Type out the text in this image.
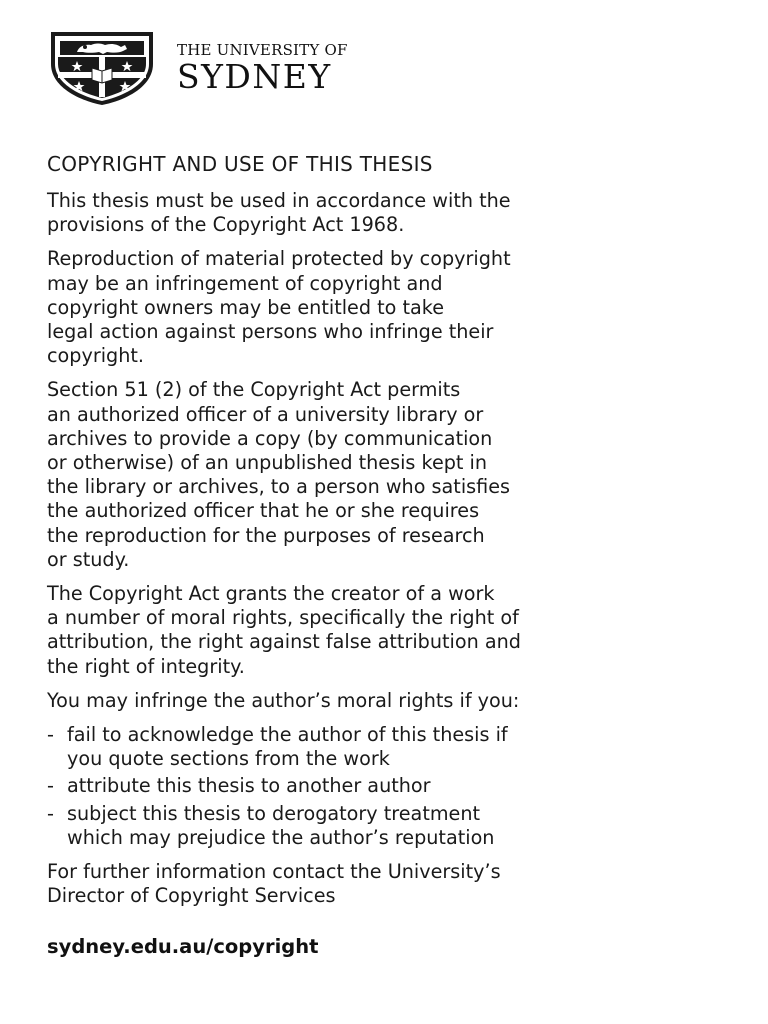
THE UNIVERSITY OF
SYDNEY
COPYRIGHT AND USE OF THIS THESIS

This thesis must be used in accordance with the
provisions of the Copyright Act 1968.

Reproduction of material protected by copyright
may be an infringement of copyright and
copyright owners may be entitled to take
legal action against persons who infringe their
copyright.

Section 51 (2) of the Copyright Act permits
an authorized officer of a university library or
archives to provide a copy (by communication
or otherwise) of an unpublished thesis kept in
the library or archives, to a person who satisfies
the authorized officer that he or she requires
the reproduction for the purposes of research
or study.

The Copyright Act grants the creator of a work
a number of moral rights, specifically the right of
attribution, the right against false attribution and
the right of integrity.

You may infringe the author’s moral rights if you:

- fail to acknowledge the author of this thesis if
you quote sections from the work
- attribute this thesis to another author
- subject this thesis to derogatory treatment
which may prejudice the author’s reputation

For further information contact the University’s
Director of Copyright Services

sydney.edu.au/copyright
